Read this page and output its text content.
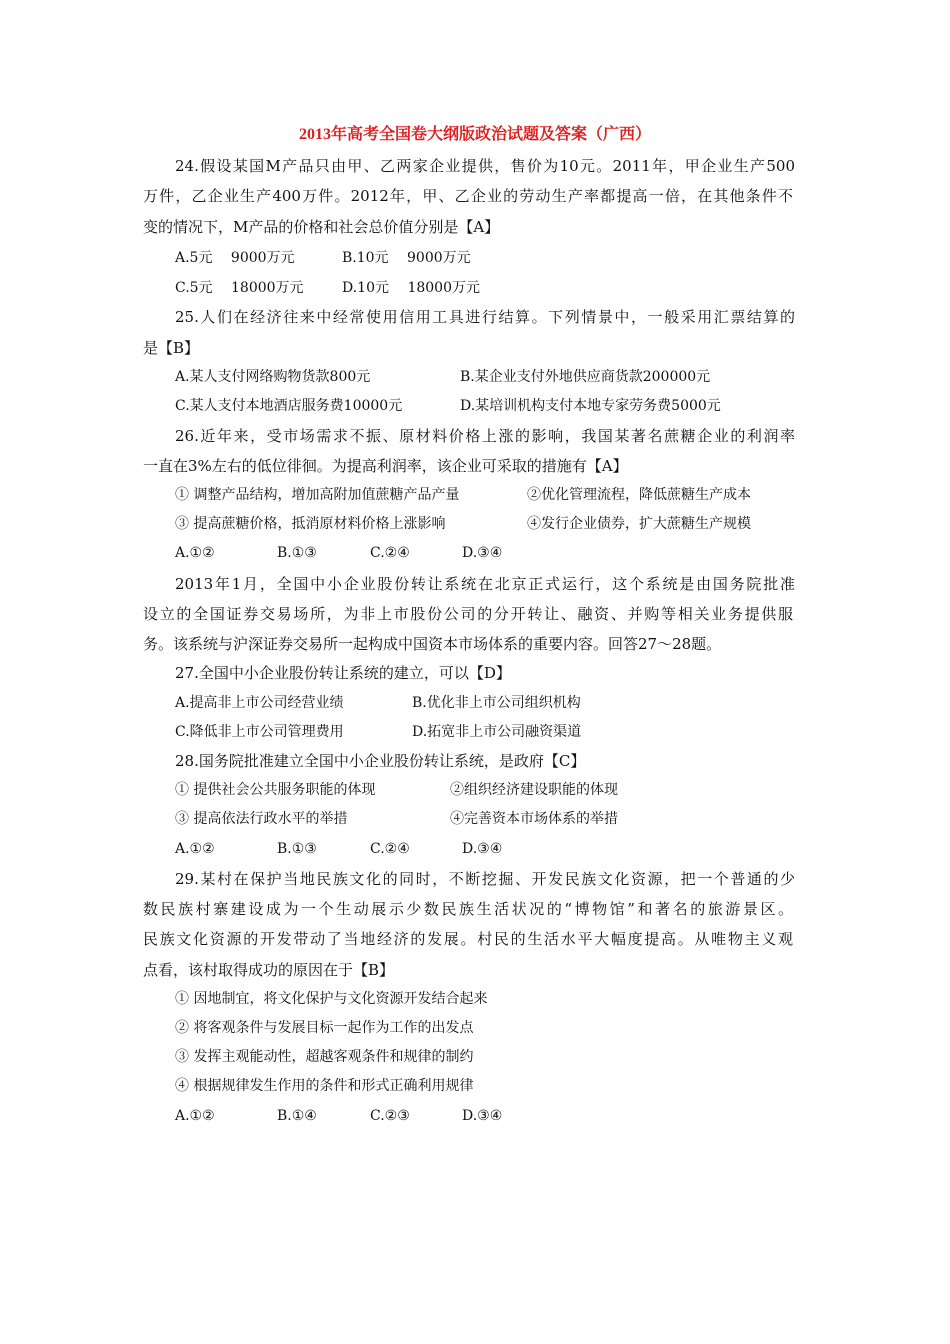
2013年高考全国卷大纲版政治试题及答案（广西）
24.假设某国M产品只由甲、乙两家企业提供，售价为10元。2011年，甲企业生产500
万件，乙企业生产400万件。2012年，甲、乙企业的劳动生产率都提高一倍，在其他条件不
变的情况下，M产品的价格和社会总价值分别是【A】
A.5元　 9000万元	B.10元　 9000万元
C.5元　 18000万元	D.10元　 18000万元
25.人们在经济往来中经常使用信用工具进行结算。下列情景中，一般采用汇票结算的
是【B】
A.某人支付网络购物货款800元	B.某企业支付外地供应商货款200000元
C.某人支付本地酒店服务费10000元	D.某培训机构支付本地专家劳务费5000元
26.近年来，受市场需求不振、原材料价格上涨的影响，我国某著名蔗糖企业的利润率
一直在3%左右的低位徘徊。为提高利润率，该企业可采取的措施有【A】
① 调整产品结构，增加高附加值蔗糖产品产量	②优化管理流程，降低蔗糖生产成本
③ 提高蔗糖价格，抵消原材料价格上涨影响	④发行企业债券，扩大蔗糖生产规模
A.①②	B.①③	C.②④	D.③④
2013年1月，全国中小企业股份转让系统在北京正式运行，这个系统是由国务院批准
设立的全国证券交易场所，为非上市股份公司的分开转让、融资、并购等相关业务提供服
务。该系统与沪深证券交易所一起构成中国资本市场体系的重要内容。回答27～28题。
27.全国中小企业股份转让系统的建立，可以【D】
A.提高非上市公司经营业绩	B.优化非上市公司组织机构
C.降低非上市公司管理费用	D.拓宽非上市公司融资渠道
28.国务院批准建立全国中小企业股份转让系统，是政府【C】
① 提供社会公共服务职能的体现	②组织经济建设职能的体现
③ 提高依法行政水平的举措	④完善资本市场体系的举措
A.①②	B.①③	C.②④	D.③④
29.某村在保护当地民族文化的同时，不断挖掘、开发民族文化资源，把一个普通的少
数民族村寨建设成为一个生动展示少数民族生活状况的“博物馆”和著名的旅游景区。
民族文化资源的开发带动了当地经济的发展。村民的生活水平大幅度提高。从唯物主义观
点看，该村取得成功的原因在于【B】
① 因地制宜，将文化保护与文化资源开发结合起来
② 将客观条件与发展目标一起作为工作的出发点
③ 发挥主观能动性，超越客观条件和规律的制约
④ 根据规律发生作用的条件和形式正确利用规律
A.①②	B.①④	C.②③	D.③④
